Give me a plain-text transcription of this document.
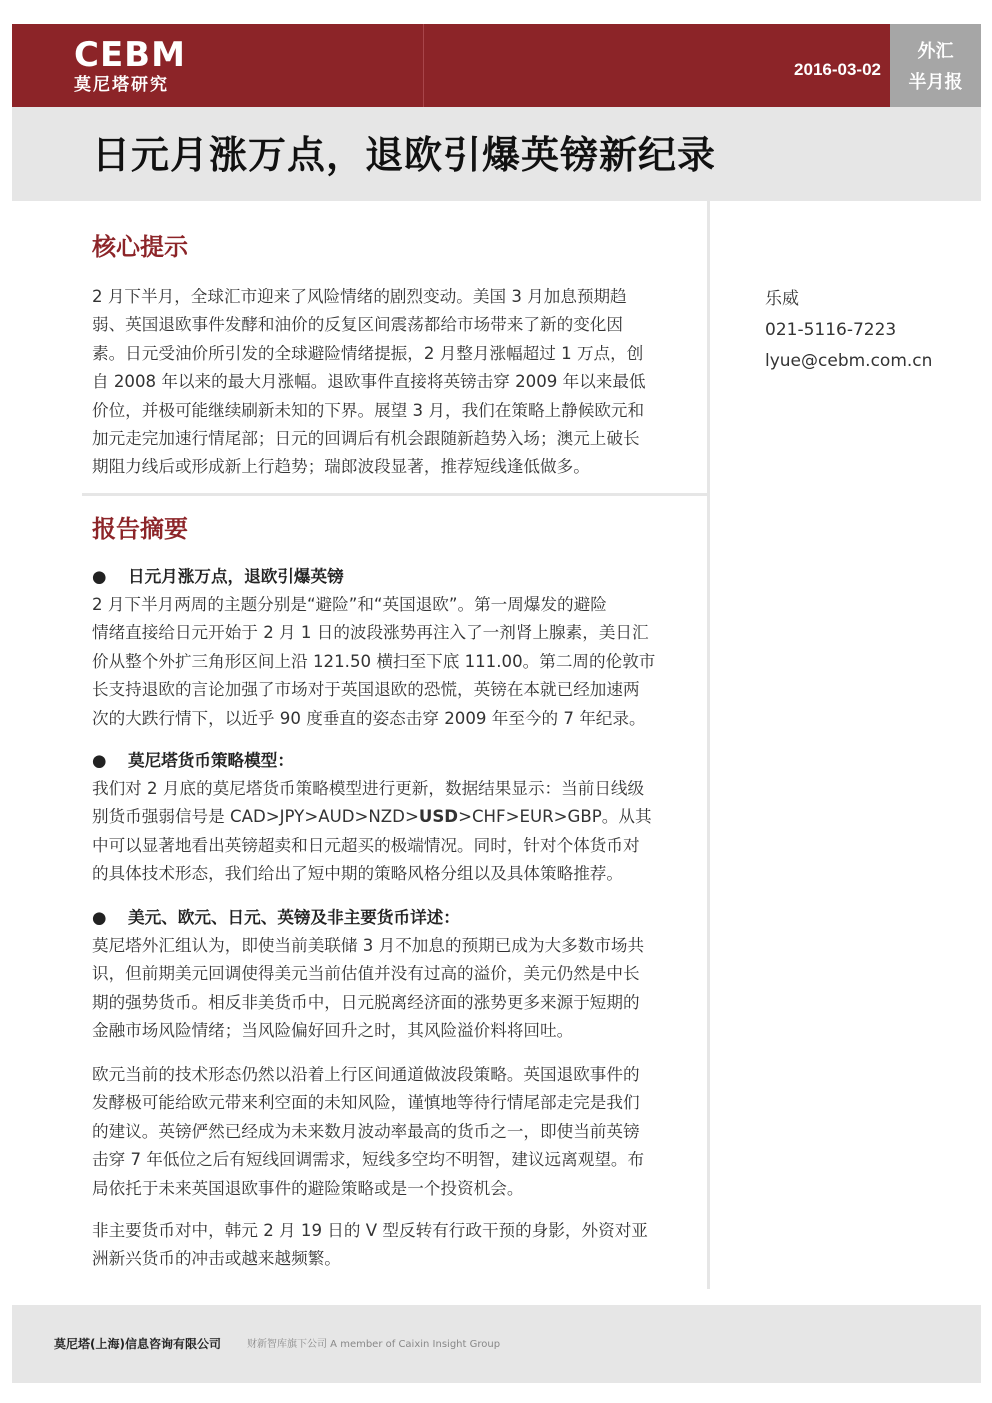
CEBM
莫尼塔研究
2016-03-02
外汇
半月报
日元月涨万点，退欧引爆英镑新纪录
核心提示
2 月下半月，全球汇市迎来了风险情绪的剧烈变动。美国 3 月加息预期趋
弱、英国退欧事件发酵和油价的反复区间震荡都给市场带来了新的变化因
素。日元受油价所引发的全球避险情绪提振，2 月整月涨幅超过 1 万点，创
自 2008 年以来的最大月涨幅。退欧事件直接将英镑击穿 2009 年以来最低
价位，并极可能继续刷新未知的下界。展望 3 月，我们在策略上静候欧元和
加元走完加速行情尾部；日元的回调后有机会跟随新趋势入场；澳元上破长
期阻力线后或形成新上行趋势；瑞郎波段显著，推荐短线逢低做多。
乐威
021-5116-7223
lyue@cebm.com.cn
报告摘要
● 日元月涨万点，退欧引爆英镑
2 月下半月两周的主题分别是“避险”和“英国退欧”。第一周爆发的避险
情绪直接给日元开始于 2 月 1 日的波段涨势再注入了一剂肾上腺素，美日汇
价从整个外扩三角形区间上沿 121.50 横扫至下底 111.00。第二周的伦敦市
长支持退欧的言论加强了市场对于英国退欧的恐慌，英镑在本就已经加速两
次的大跌行情下，以近乎 90 度垂直的姿态击穿 2009 年至今的 7 年纪录。
● 莫尼塔货币策略模型：
我们对 2 月底的莫尼塔货币策略模型进行更新，数据结果显示：当前日线级
别货币强弱信号是 CAD>JPY>AUD>NZD>USD>CHF>EUR>GBP。从其
中可以显著地看出英镑超卖和日元超买的极端情况。同时，针对个体货币对
的具体技术形态，我们给出了短中期的策略风格分组以及具体策略推荐。
● 美元、欧元、日元、英镑及非主要货币详述：
莫尼塔外汇组认为，即使当前美联储 3 月不加息的预期已成为大多数市场共
识，但前期美元回调使得美元当前估值并没有过高的溢价，美元仍然是中长
期的强势货币。相反非美货币中，日元脱离经济面的涨势更多来源于短期的
金融市场风险情绪；当风险偏好回升之时，其风险溢价料将回吐。
欧元当前的技术形态仍然以沿着上行区间通道做波段策略。英国退欧事件的
发酵极可能给欧元带来利空面的未知风险，谨慎地等待行情尾部走完是我们
的建议。英镑俨然已经成为未来数月波动率最高的货币之一，即使当前英镑
击穿 7 年低位之后有短线回调需求，短线多空均不明智，建议远离观望。布
局依托于未来英国退欧事件的避险策略或是一个投资机会。
非主要货币对中，韩元 2 月 19 日的 V 型反转有行政干预的身影，外资对亚
洲新兴货币的冲击或越来越频繁。
莫尼塔(上海)信息咨询有限公司	财新智库旗下公司 A member of Caixin Insight Group
